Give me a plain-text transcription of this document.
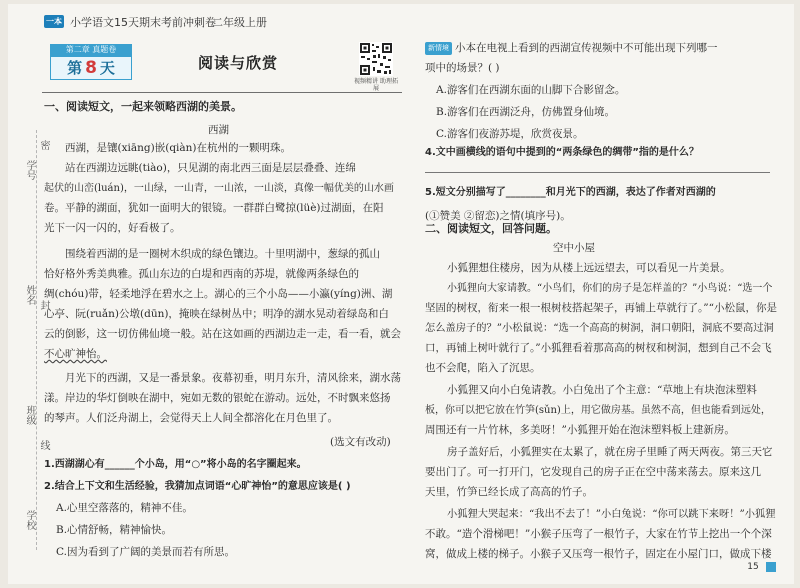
一本 小学语文15天期末考前冲刺卷
二年级上册
学号
密
姓名 封
班级
线
学校
第二章 真题卷
第 8 天	阅读与欣赏
视频精讲 助理拓展
一、阅读短文，一起来领略西湖的美景。
西湖
西湖，是镶(xiāng)嵌(qiàn)在杭州的一颗明珠。
站在西湖边远眺(tiào)，只见湖的南北西三面是层层叠叠、连绵
起伏的山峦(luán)，一山绿，一山青，一山浓，一山淡，真像一幅优美的山水画
卷。平静的湖面，犹如一面明大的银镜。一群群白鹭掠(lüè)过湖面，在阳
光下一闪一闪的，好看极了。
围绕着西湖的是一圈树木织成的绿色镶边。十里明湖中，葱绿的孤山
恰好格外秀美典雅。孤山东边的白堤和西南的苏堤，就像两条绿色的
绸(chóu)带，轻柔地浮在碧水之上。湖心的三个小岛——小瀛(yíng)洲、湖
心亭、阮(ruǎn)公墩(dūn)，掩映在绿树丛中；明净的湖水晃动着绿岛和白
云的倒影，这一切仿佛仙境一般。站在这如画的西湖边走一走，看一看，就会
不心旷神怡。
月光下的西湖，又是一番景象。夜幕初垂，明月东升，清风徐来，湖水荡
漾。岸边的华灯倒映在湖中，宛如无数的银蛇在游动。远处，不时飘来悠扬
的琴声。人们泛舟湖上，会觉得天上人间全都溶化在月色里了。
(选文有改动)
1.西湖湖心有______个小岛，用“○”将小岛的名字圈起来。
2.结合上下文和生活经验，我猜加点词语“心旷神怡”的意思应该是( )
A.心里空落落的，精神不佳。
B.心情舒畅，精神愉快。
C.因为看到了广阔的美景而若有所思。
新情境 小本在电视上看到的西湖宣传视频中不可能出现下列哪一
项中的场景？( )
A.游客们在西湖东面的山脚下合影留念。
B.游客们在西湖泛舟，仿佛置身仙境。
C.游客们夜游苏堤，欣赏夜景。
4.文中画横线的语句中提到的“两条绿色的绸带”指的是什么？
5.短文分别描写了________和月光下的西湖，表达了作者对西湖的
(①赞美 ②留恋)之情(填序号)。
二、阅读短文，回答问题。
空中小屋
小狐狸想住楼房，因为从楼上远远望去，可以看见一片美景。
小狐狸向大家请教。“小鸟们，你们的房子是怎样盖的？”小鸟说：“选一个
坚固的树杈，衔来一根一根树枝搭起架子，再铺上草就行了。”“小松鼠，你是
怎么盖房子的？”小松鼠说：“选一个高高的树洞，洞口朝阳，洞底不要高过洞
口，再铺上树叶就行了。”小狐狸看着那高高的树杈和树洞，想到自己不会飞
也不会爬，陷入了沉思。
小狐狸又向小白兔请教。小白兔出了个主意：“草地上有块泡沫塑料
板，你可以把它放在竹笋(sǔn)上，用它做房基。虽然不高，但也能看到远处，
周围还有一片竹林，多美呀！”小狐狸开始在泡沫塑料板上建新房。
房子盖好后，小狐狸实在太累了，就在房子里睡了两天两夜。第三天它
要出门了。可一打开门，它发现自己的房子正在空中荡来荡去。原来这几
天里，竹笋已经长成了高高的竹子。
小狐狸大哭起来：“我出不去了！”小白兔说：“你可以跳下来呀！”小狐狸
不敢。“造个滑梯吧！”小猴子压弯了一根竹子，大家在竹节上挖出一个个深
窝，做成上楼的梯子。小猴子又压弯一根竹子，固定在小屋门口，做成下楼
15
